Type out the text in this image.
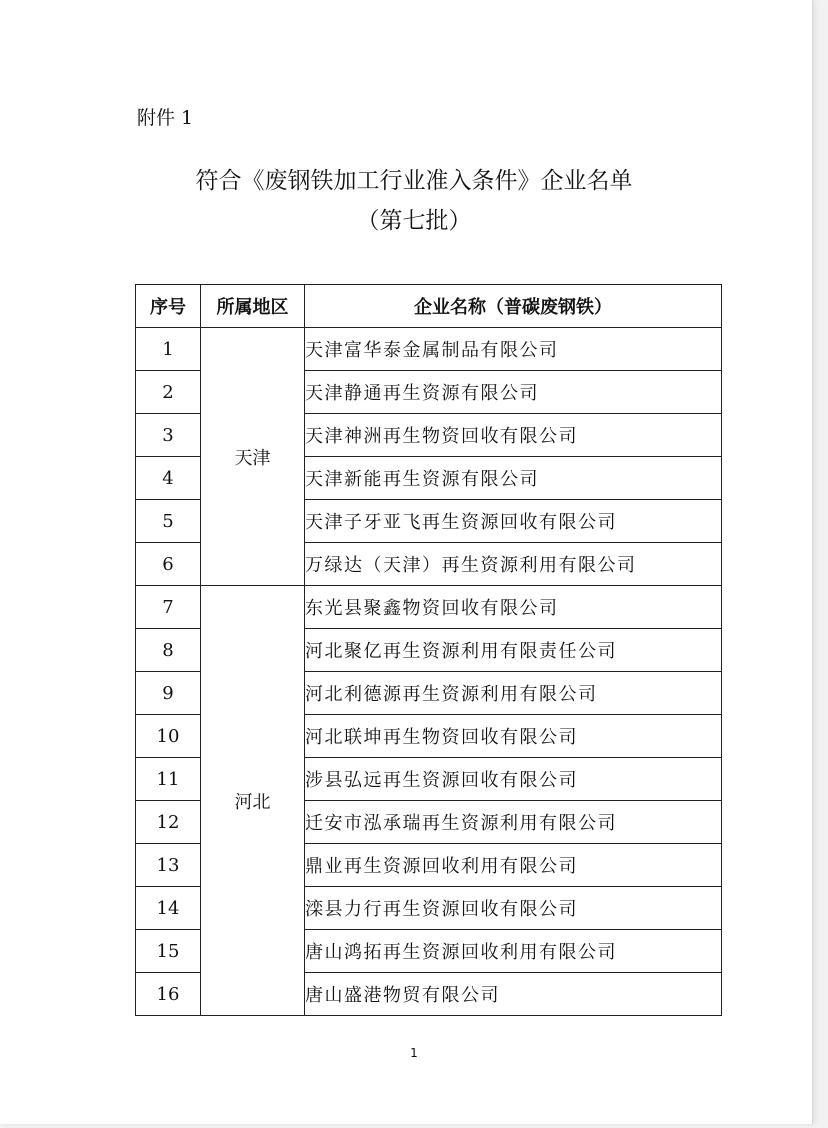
附件 1
符合《废钢铁加工行业准入条件》企业名单
（第七批）
序号	所属地区	企业名称（普碳废钢铁）
1	天津	天津富华泰金属制品有限公司
2		天津静通再生资源有限公司
3		天津神洲再生物资回收有限公司
4		天津新能再生资源有限公司
5		天津子牙亚飞再生资源回收有限公司
6		万绿达（天津）再生资源利用有限公司
7	河北	东光县聚鑫物资回收有限公司
8		河北聚亿再生资源利用有限责任公司
9		河北利德源再生资源利用有限公司
10		河北联坤再生物资回收有限公司
11		涉县弘远再生资源回收有限公司
12		迁安市泓承瑞再生资源利用有限公司
13		鼎业再生资源回收利用有限公司
14		滦县力行再生资源回收有限公司
15		唐山鸿拓再生资源回收利用有限公司
16		唐山盛港物贸有限公司
1
